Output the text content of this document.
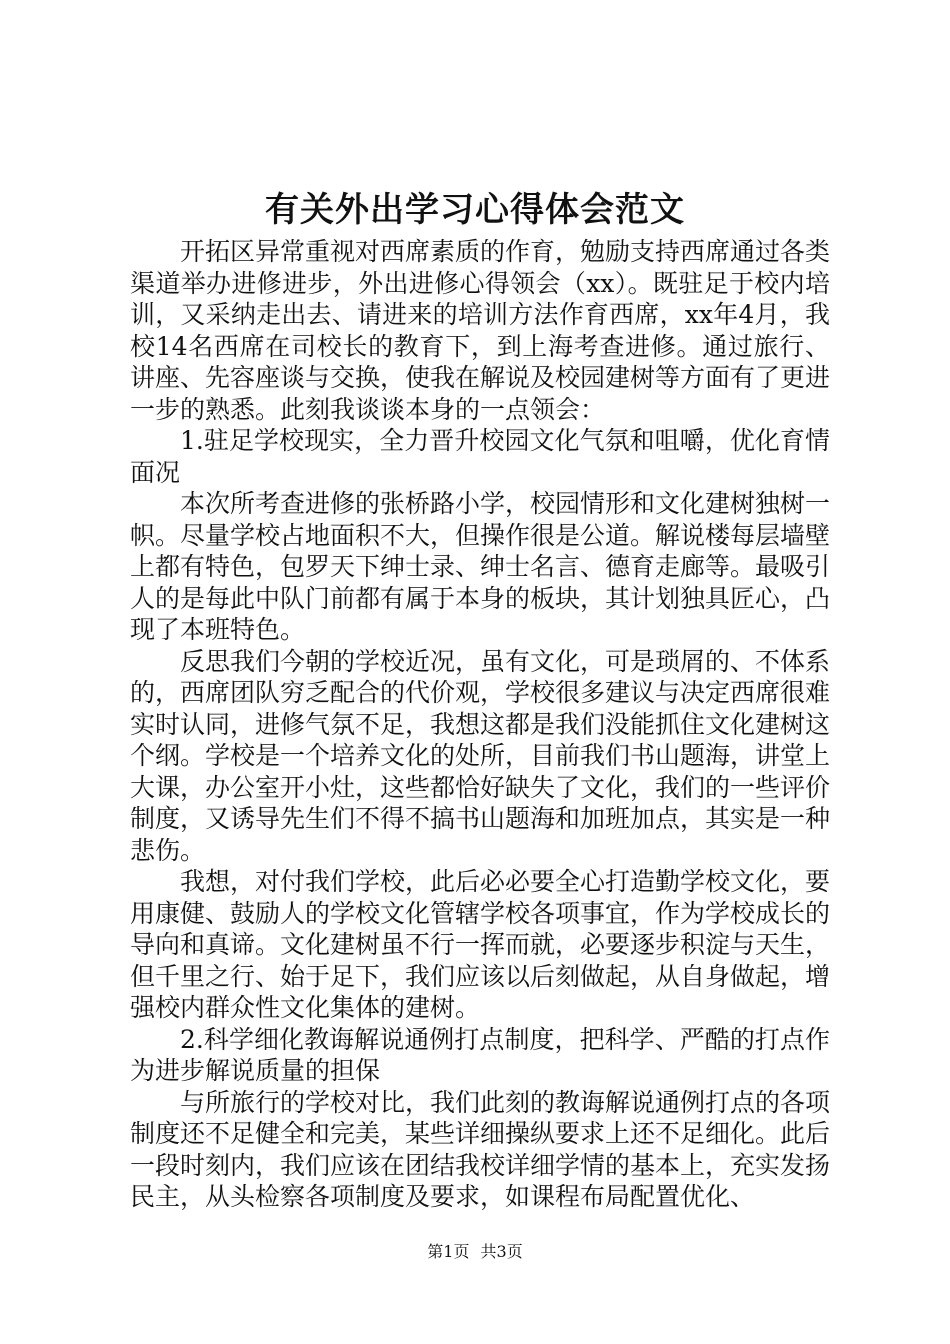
有关外出学习心得体会范文

开拓区异常重视对西席素质的作育，勉励支持西席通过各类渠道举办进修进步，外出进修心得领会（xx）。既驻足于校内培训，又采纳走出去、请进来的培训方法作育西席，xx年4月，我校14名西席在司校长的教育下，到上海考查进修。通过旅行、讲座、先容座谈与交换，使我在解说及校园建树等方面有了更进一步的熟悉。此刻我谈谈本身的一点领会：

1.驻足学校现实，全力晋升校园文化气氛和咀嚼，优化育情面况

本次所考查进修的张桥路小学，校园情形和文化建树独树一帜。尽量学校占地面积不大，但操作很是公道。解说楼每层墙壁上都有特色，包罗天下绅士录、绅士名言、德育走廊等。最吸引人的是每此中队门前都有属于本身的板块，其计划独具匠心，凸现了本班特色。

反思我们今朝的学校近况，虽有文化，可是琐屑的、不体系的，西席团队穷乏配合的代价观，学校很多建议与决定西席很难实时认同，进修气氛不足，我想这都是我们没能抓住文化建树这个纲。学校是一个培养文化的处所，目前我们书山题海，讲堂上大课，办公室开小灶，这些都恰好缺失了文化，我们的一些评价制度，又诱导先生们不得不搞书山题海和加班加点，其实是一种悲伤。

我想，对付我们学校，此后必必要全心打造勤学校文化，要用康健、鼓励人的学校文化管辖学校各项事宜，作为学校成长的导向和真谛。文化建树虽不行一挥而就，必要逐步积淀与天生，但千里之行、始于足下，我们应该以后刻做起，从自身做起，增强校内群众性文化集体的建树。

2.科学细化教诲解说通例打点制度，把科学、严酷的打点作为进步解说质量的担保

与所旅行的学校对比，我们此刻的教诲解说通例打点的各项制度还不足健全和完美，某些详细操纵要求上还不足细化。此后一段时刻内，我们应该在团结我校详细学情的基本上，充实发扬民主，从头检察各项制度及要求，如课程布局配置优化、

第1页 共3页
